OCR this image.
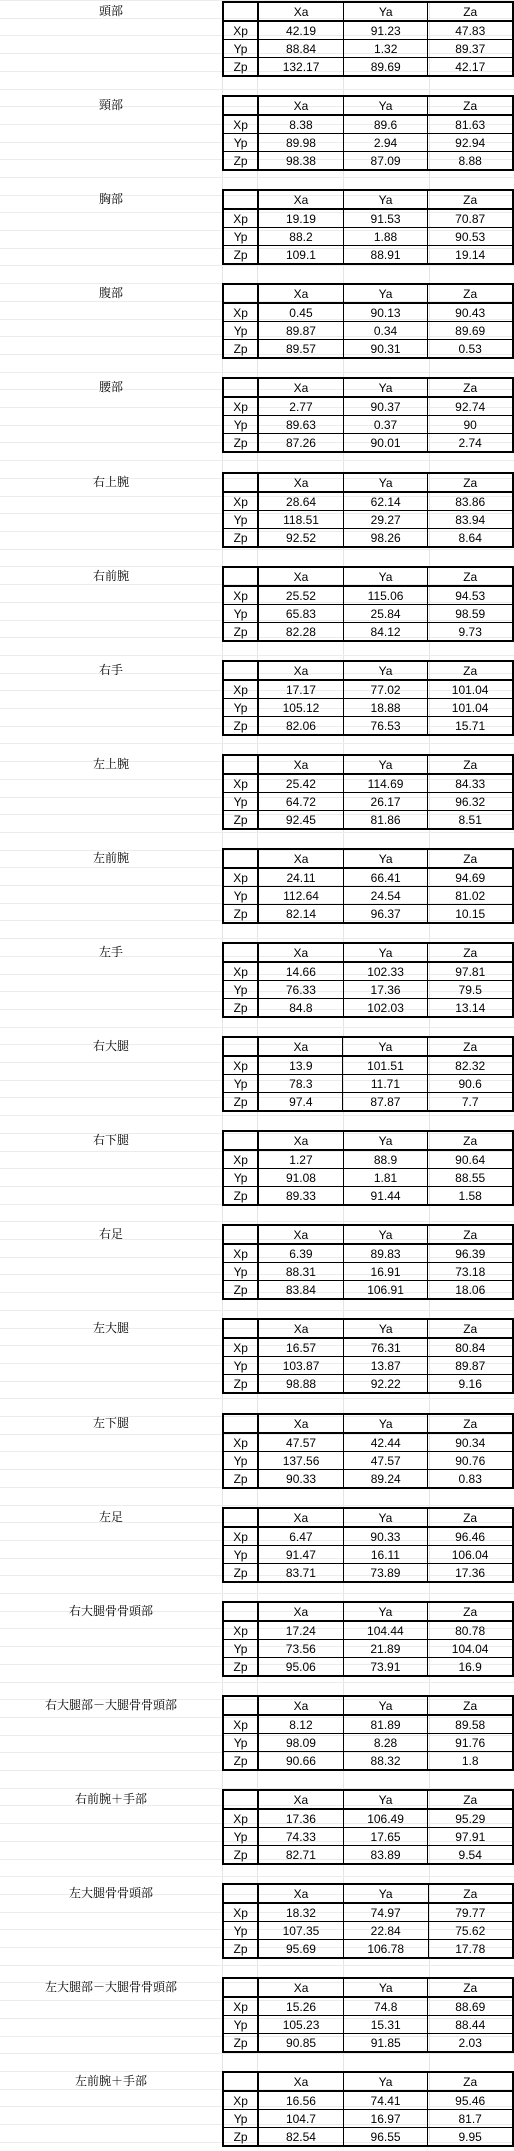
頭部
		Xa	Ya	Za
Xp	42.19	91.23	47.83
Yp	88.84	1.32	89.37
Zp	132.17	89.69	42.17
頸部
		Xa	Ya	Za
Xp	8.38	89.6	81.63
Yp	89.98	2.94	92.94
Zp	98.38	87.09	8.88
胸部
		Xa	Ya	Za
Xp	19.19	91.53	70.87
Yp	88.2	1.88	90.53
Zp	109.1	88.91	19.14
腹部
		Xa	Ya	Za
Xp	0.45	90.13	90.43
Yp	89.87	0.34	89.69
Zp	89.57	90.31	0.53
腰部
		Xa	Ya	Za
Xp	2.77	90.37	92.74
Yp	89.63	0.37	90
Zp	87.26	90.01	2.74
右上腕
		Xa	Ya	Za
Xp	28.64	62.14	83.86
Yp	118.51	29.27	83.94
Zp	92.52	98.26	8.64
右前腕
		Xa	Ya	Za
Xp	25.52	115.06	94.53
Yp	65.83	25.84	98.59
Zp	82.28	84.12	9.73
右手
		Xa	Ya	Za
Xp	17.17	77.02	101.04
Yp	105.12	18.88	101.04
Zp	82.06	76.53	15.71
左上腕
		Xa	Ya	Za
Xp	25.42	114.69	84.33
Yp	64.72	26.17	96.32
Zp	92.45	81.86	8.51
左前腕
		Xa	Ya	Za
Xp	24.11	66.41	94.69
Yp	112.64	24.54	81.02
Zp	82.14	96.37	10.15
左手
		Xa	Ya	Za
Xp	14.66	102.33	97.81
Yp	76.33	17.36	79.5
Zp	84.8	102.03	13.14
右大腿
		Xa	Ya	Za
Xp	13.9	101.51	82.32
Yp	78.3	11.71	90.6
Zp	97.4	87.87	7.7
右下腿
		Xa	Ya	Za
Xp	1.27	88.9	90.64
Yp	91.08	1.81	88.55
Zp	89.33	91.44	1.58
右足
		Xa	Ya	Za
Xp	6.39	89.83	96.39
Yp	88.31	16.91	73.18
Zp	83.84	106.91	18.06
左大腿
		Xa	Ya	Za
Xp	16.57	76.31	80.84
Yp	103.87	13.87	89.87
Zp	98.88	92.22	9.16
左下腿
		Xa	Ya	Za
Xp	47.57	42.44	90.34
Yp	137.56	47.57	90.76
Zp	90.33	89.24	0.83
左足
		Xa	Ya	Za
Xp	6.47	90.33	96.46
Yp	91.47	16.11	106.04
Zp	83.71	73.89	17.36
右大腿骨骨頭部
		Xa	Ya	Za
Xp	17.24	104.44	80.78
Yp	73.56	21.89	104.04
Zp	95.06	73.91	16.9
右大腿部－大腿骨骨頭部
		Xa	Ya	Za
Xp	8.12	81.89	89.58
Yp	98.09	8.28	91.76
Zp	90.66	88.32	1.8
右前腕＋手部
		Xa	Ya	Za
Xp	17.36	106.49	95.29
Yp	74.33	17.65	97.91
Zp	82.71	83.89	9.54
左大腿骨骨頭部
		Xa	Ya	Za
Xp	18.32	74.97	79.77
Yp	107.35	22.84	75.62
Zp	95.69	106.78	17.78
左大腿部－大腿骨骨頭部
		Xa	Ya	Za
Xp	15.26	74.8	88.69
Yp	105.23	15.31	88.44
Zp	90.85	91.85	2.03
左前腕＋手部
		Xa	Ya	Za
Xp	16.56	74.41	95.46
Yp	104.7	16.97	81.7
Zp	82.54	96.55	9.95
